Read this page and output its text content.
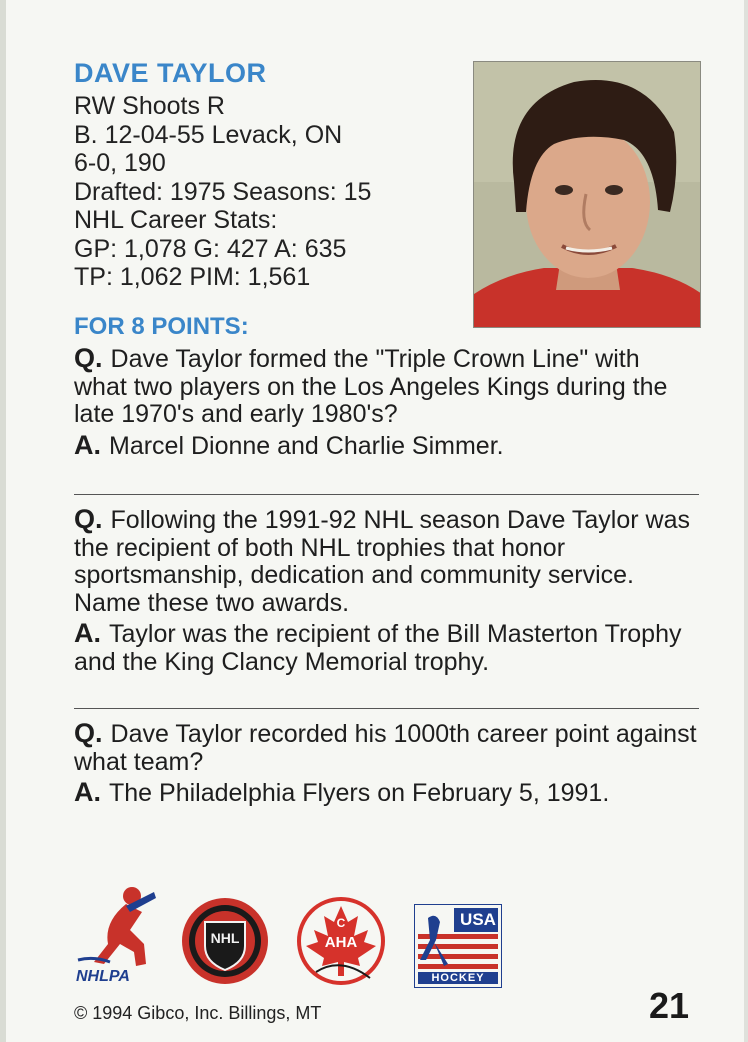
DAVE TAYLOR
RW Shoots R
B. 12-04-55 Levack, ON
6-0, 190
Drafted: 1975 Seasons: 15
NHL Career Stats:
GP: 1,078 G: 427 A: 635
TP: 1,062 PIM: 1,561
FOR 8 POINTS:

Q. Dave Taylor formed the "Triple Crown Line" with what two players on the Los Angeles Kings during the late 1970's and early 1980's?

A. Marcel Dionne and Charlie Simmer.

Q. Following the 1991-92 NHL season Dave Taylor was the recipient of both NHL trophies that honor sportsmanship, dedication and community service. Name these two awards.

A. Taylor was the recipient of the Bill Masterton Trophy and the King Clancy Memorial trophy.

Q. Dave Taylor recorded his 1000th career point against what team?

A. The Philadelphia Flyers on February 5, 1991.

NHLPA
NHL
C
AHA
USA
HOCKEY
© 1994 Gibco, Inc. Billings, MT	21
